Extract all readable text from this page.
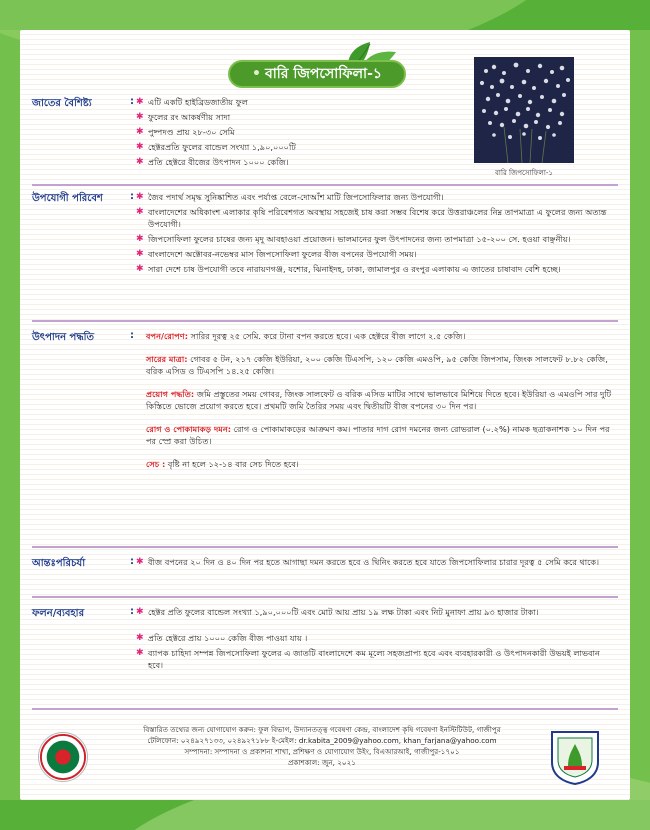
• বারি জিপসোফিলা-১
বারি জিপসোফিলা-১
জাতের বৈশিষ্ট্য	: ✱ এটি একটি হাইব্রিডজাতীয় ফুল
✱ ফুলের রং আকর্ষণীয় সাদা
✱ পুষ্পদণ্ড প্রায় ২৮-৩০ সেমি
✱ হেক্টরপ্রতি ফুলের বান্ডেল সংখ্যা ১,৯০,০০০টি
✱ প্রতি হেক্টরে বীজের উৎপাদন ১০০০ কেজি।
উপযোগী পরিবেশ	: ✱ জৈব পদার্থ সমৃদ্ধ সুনিষ্কাশিত এবং পর্যাপ্ত বেলে-দোআঁশ মাটি জিপসোফিলার জন্য উপযোগী।
✱ বাংলাদেশের অধিকাংশ এলাকার কৃষি পরিবেশগত অবস্থায় সহজেই চাষ করা সম্ভব বিশেষ করে উত্তরাঞ্চলের নিম্ন তাপমাত্রা এ ফুলের জন্য অত্যন্ত উপযোগী।
✱ জিপসোফিলা ফুলের চাষের জন্য মৃদু আবহাওয়া প্রয়োজন। ভালমানের ফুল উৎপাদনের জন্য তাপমাত্রা ১৫-২০০ সে. হওয়া বাঞ্ছনীয়।
✱ বাংলাদেশে অক্টোবর-নভেম্বর মাস জিপসোফিলা ফুলের বীজ বপনের উপযোগী সময়।
✱ সারা দেশে চাষ উপযোগী তবে নারায়ণগঞ্জ, যশোর, ঝিনাইদহ, ঢাকা, জামালপুর ও রংপুর এলাকায় এ জাতের চাষাবাদ বেশি হচ্ছে।
উৎপাদন পদ্ধতি	: বপন/রোপণ: সারির দূরত্ব ২৫ সেমি. করে টানা বপন করতে হবে। এক হেক্টরে বীজ লাগে ২.৫ কেজি।
সারের মাত্রা: গোবর ৫ টন, ২১৭ কেজি ইউরিয়া, ২০০ কেজি টিএসপি, ১২০ কেজি এমওপি, ৯৫ কেজি জিপসাম, জিংক সালফেট ৮.৮২ কেজি, বরিক এসিড ও টিএসপি ১৪.২৫ কেজি।
প্রয়োগ পদ্ধতি: জমি প্রস্তুতের সময় গোবর, জিংক সালফেট ও বরিক এসিড মাটির সাথে ভালভাবে মিশিয়ে দিতে হবে। ইউরিয়া ও এমওপি সার দুটি কিস্তিতে ভোজে প্রয়োগ করতে হবে। প্রথমটি জমি তৈরির সময় এবং দ্বিতীয়টি বীজ বপনের ৩০ দিন পর।
রোগ ও পোকামাকড় দমন: রোগ ও পোকামাকড়ের আক্রমণ কম। পাতার দাগ রোগ দমনের জন্য রোভরাল (০.২%) নামক ছত্রাকনাশক ১০ দিন পর পর স্প্রে করা উচিত।
সেচ : বৃষ্টি না হলে ১২-১৪ বার সেচ দিতে হবে।
আন্তঃপরিচর্যা	: ✱ বীজ বপনের ২০ দিন ও ৪০ দিন পর হতে আগাছা দমন করতে হবে ও থিনিং করতে হবে যাতে জিপসোফিলার চারার দূরত্ব ৫ সেমি করে থাকে।
ফলন/ব্যবহার	: ✱ হেক্টর প্রতি ফুলের বান্ডেল সংখ্যা ১,৯০,০০০টি এবং মোট আয় প্রায় ১৯ লক্ষ টাকা এবং নিট মুনাফা প্রায় ৯৩ হাজার টাকা।
✱ প্রতি হেক্টরে প্রায় ১০০০ কেজি বীজ পাওয়া যায় ।
✱ ব্যাপক চাহিদা সম্পন্ন জিপসোফিলা ফুলের এ জাতটি বাংলাদেশে কম মূল্যে সহজপ্রাপ্য হবে এবং ব্যবহারকারী ও উৎপাদনকারী উভয়ই লাভবান হবে।
বিস্তারিত তথ্যের জন্য যোগাযোগ করুন: ফুল বিভাগ, উদ্যানতত্ত্ব গবেষণা কেন্দ্র, বাংলাদেশ কৃষি গবেষণা ইনস্টিটিউট, গাজীপুর
টেলিফোন: ০২৪৯২৭১৩৩, ০২৪৯২৭১৮৮ ই-মেইল: dr.kabita_2009@yahoo.com, khan_farjana@yahoo.com
সম্পাদনা: সম্পাদনা ও প্রকাশনা শাখা, প্রশিক্ষণ ও যোগাযোগ উইং, বিএআরআই, গাজীপুর-১৭০১
প্রকাশকাল: জুন, ২০২১
